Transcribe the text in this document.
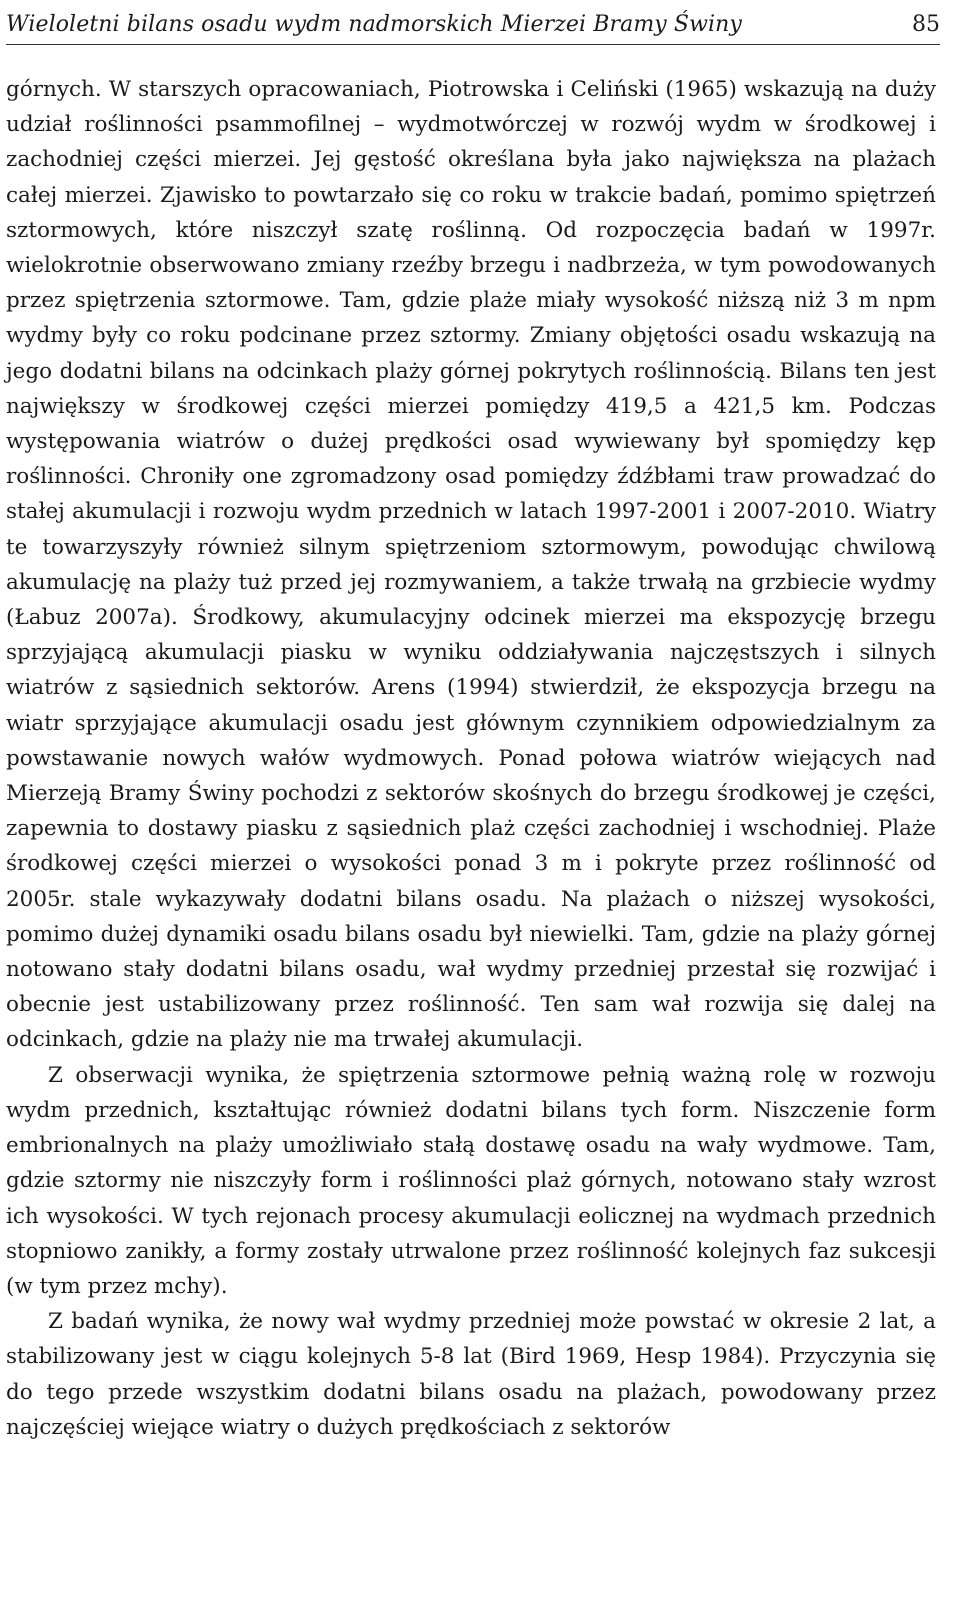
Wieloletni bilans osadu wydm nadmorskich Mierzei Bramy Świny	85

górnych. W starszych opracowaniach, Piotrowska i Celiński (1965) wskazują na duży udział roślinności psammofilnej – wydmotwórczej w rozwój wydm w środkowej i zachodniej części mierzei. Jej gęstość określana była jako największa na plażach całej mierzei. Zjawisko to powtarzało się co roku w trakcie badań, pomimo spiętrzeń sztormowych, które niszczył szatę roślinną. Od rozpoczęcia badań w 1997r. wielokrotnie obserwowano zmiany rzeźby brzegu i nadbrzeża, w tym powodowanych przez spiętrzenia sztormowe. Tam, gdzie plaże miały wysokość niższą niż 3 m npm wydmy były co roku podcinane przez sztormy. Zmiany objętości osadu wskazują na jego dodatni bilans na odcinkach plaży górnej pokrytych roślinnością. Bilans ten jest największy w środkowej części mierzei pomiędzy 419,5 a 421,5 km. Podczas występowania wiatrów o dużej prędkości osad wywiewany był spomiędzy kęp roślinności. Chroniły one zgromadzony osad pomiędzy źdźbłami traw prowadzać do stałej akumulacji i rozwoju wydm przednich w latach 1997-2001 i 2007-2010. Wiatry te towarzyszyły również silnym spiętrzeniom sztormowym, powodując chwilową akumulację na plaży tuż przed jej rozmywaniem, a także trwałą na grzbiecie wydmy (Łabuz 2007a). Środkowy, akumulacyjny odcinek mierzei ma ekspozycję brzegu sprzyjającą akumulacji piasku w wyniku oddziaływania najczęstszych i silnych wiatrów z sąsiednich sektorów. Arens (1994) stwierdził, że ekspozycja brzegu na wiatr sprzyjające akumulacji osadu jest głównym czynnikiem odpowiedzialnym za powstawanie nowych wałów wydmowych. Ponad połowa wiatrów wiejących nad Mierzeją Bramy Świny pochodzi z sektorów skośnych do brzegu środkowej je części, zapewnia to dostawy piasku z sąsiednich plaż części zachodniej i wschodniej. Plaże środkowej części mierzei o wysokości ponad 3 m i pokryte przez roślinność od 2005r. stale wykazywały dodatni bilans osadu. Na plażach o niższej wysokości, pomimo dużej dynamiki osadu bilans osadu był niewielki. Tam, gdzie na plaży górnej notowano stały dodatni bilans osadu, wał wydmy przedniej przestał się rozwijać i obecnie jest ustabilizowany przez roślinność. Ten sam wał rozwija się dalej na odcinkach, gdzie na plaży nie ma trwałej akumulacji.

Z obserwacji wynika, że spiętrzenia sztormowe pełnią ważną rolę w rozwoju wydm przednich, kształtując również dodatni bilans tych form. Niszczenie form embrionalnych na plaży umożliwiało stałą dostawę osadu na wały wydmowe. Tam, gdzie sztormy nie niszczyły form i roślinności plaż górnych, notowano stały wzrost ich wysokości. W tych rejonach procesy akumulacji eolicznej na wydmach przednich stopniowo zanikły, a formy zostały utrwalone przez roślinność kolejnych faz sukcesji (w tym przez mchy).

Z badań wynika, że nowy wał wydmy przedniej może powstać w okresie 2 lat, a stabilizowany jest w ciągu kolejnych 5-8 lat (Bird 1969, Hesp 1984). Przyczynia się do tego przede wszystkim dodatni bilans osadu na plażach, powodowany przez najczęściej wiejące wiatry o dużych prędkościach z sektorów
